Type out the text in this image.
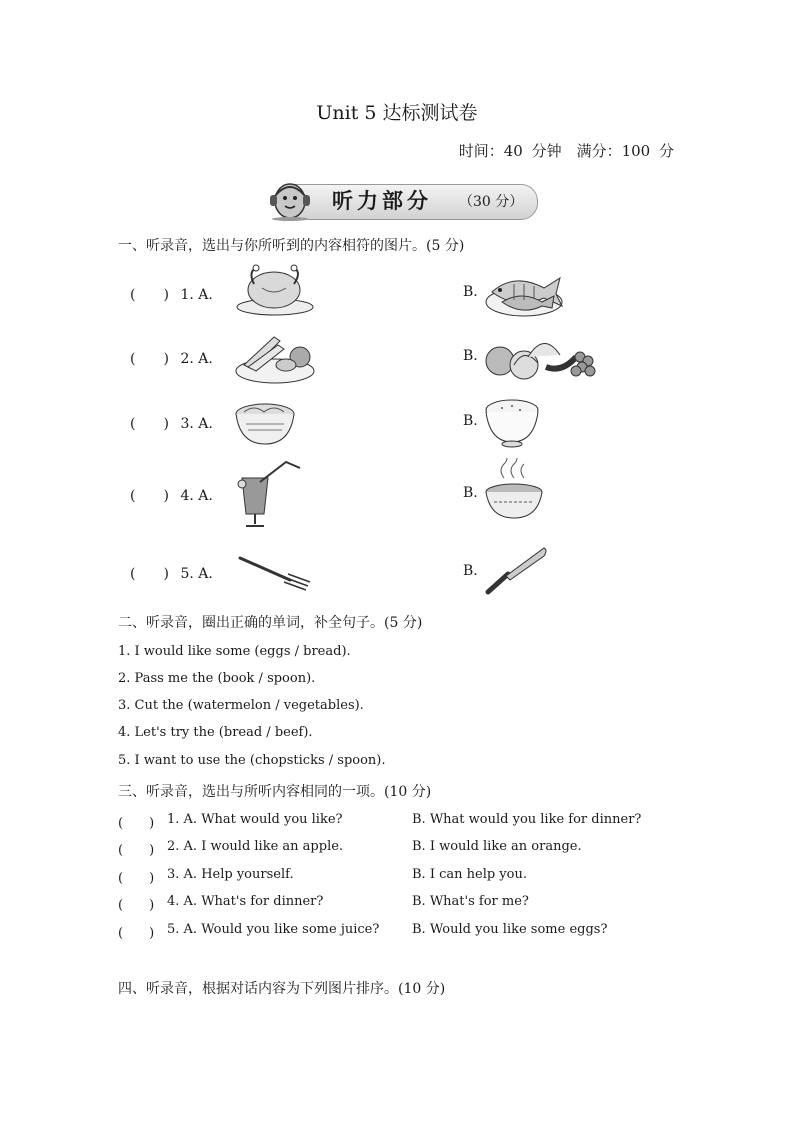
Unit 5 达标测试卷
时间：40 分钟　满分：100 分
听力部分 （30 分）
一、听录音，选出与你所听到的内容相符的图片。(5 分)
(　　) 1. A.	B.
(　　) 2. A.	B.
(　　) 3. A.	B.
(　　) 4. A.	B.
(　　) 5. A.	B.
二、听录音，圈出正确的单词，补全句子。(5 分)
1. I would like some (eggs / bread).
2. Pass me the (book / spoon).
3. Cut the (watermelon / vegetables).
4. Let's try the (bread / beef).
5. I want to use the (chopsticks / spoon).
三、听录音，选出与所听内容相同的一项。(10 分)
(　　) 1. A. What would you like?	B. What would you like for dinner?
(　　) 2. A. I would like an apple.	B. I would like an orange.
(　　) 3. A. Help yourself.	B. I can help you.
(　　) 4. A. What's for dinner?	B. What's for me?
(　　) 5. A. Would you like some juice?	B. Would you like some eggs?
四、听录音，根据对话内容为下列图片排序。(10 分)
